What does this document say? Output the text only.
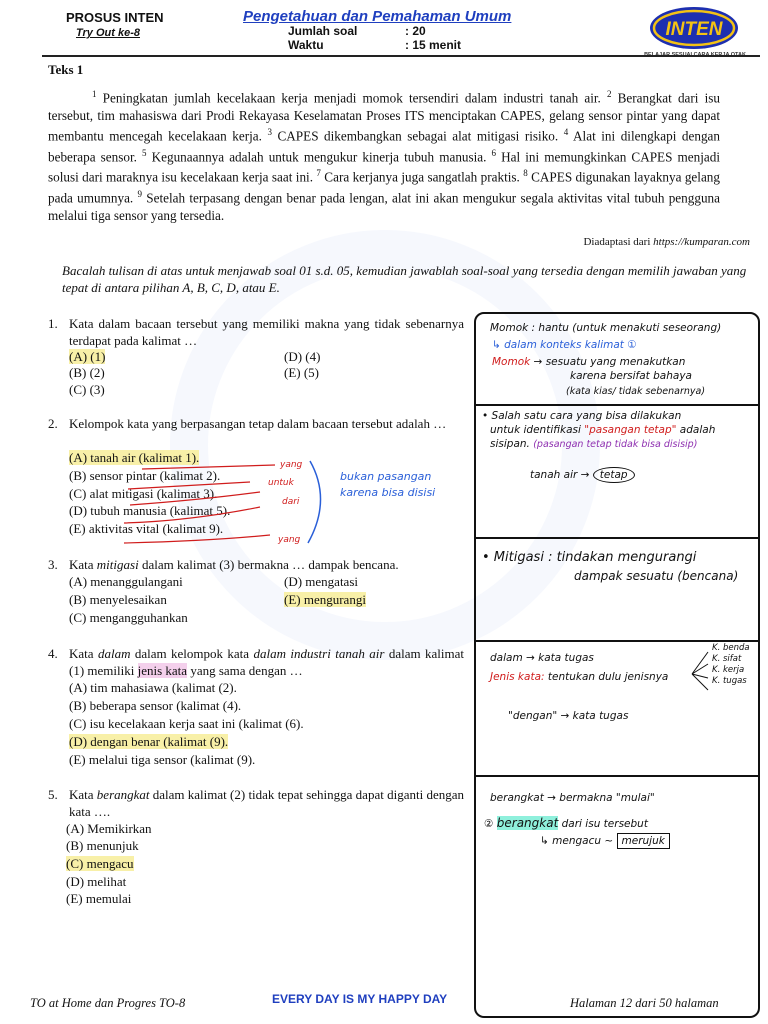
PROSUS INTEN
Try Out ke-8
Pengetahuan dan Pemahaman Umum
Jumlah soal	: 20
Waktu	: 15 menit
INTEN
Teks 1

$^1$ Peningkatan jumlah kecelakaan kerja menjadi momok tersendiri dalam industri tanah air. $^2$ Berangkat dari isu tersebut, tim mahasiswa dari Prodi Rekayasa Keselamatan Proses ITS menciptakan CAPES, gelang sensor pintar yang dapat membantu mencegah kecelakaan kerja. $^3$ CAPES dikembangkan sebagai alat mitigasi risiko. $^4$ Alat ini dilengkapi dengan beberapa sensor. $^5$ Kegunaannya adalah untuk mengukur kinerja tubuh manusia. $^6$ Hal ini memungkinkan CAPES menjadi solusi dari maraknya isu kecelakaan kerja saat ini. $^7$ Cara kerjanya juga sangatlah praktis. $^8$ CAPES digunakan layaknya gelang pada umumnya. $^9$ Setelah terpasang dengan benar pada lengan, alat ini akan mengukur segala aktivitas vital tubuh pengguna melalui tiga sensor yang tersedia.

Diadaptasi dari https://kumparan.com

Bacalah tulisan di atas untuk menjawab soal 01 s.d. 05, kemudian jawablah soal-soal yang tersedia dengan memilih jawaban yang tepat di antara pilihan A, B, C, D, atau E.

1. Kata dalam bacaan tersebut yang memiliki makna yang tidak sebenarnya terdapat pada kalimat …

(A) (1)
(B) (2)
(C) (3)
(D) (4)
(E) (5)
2. Kelompok kata yang berpasangan tetap dalam bacaan tersebut adalah …

(A) tanah air (kalimat 1).
(B) sensor pintar (kalimat 2).
(C) alat mitigasi (kalimat 3).
(D) tubuh manusia (kalimat 5).
(E) aktivitas vital (kalimat 9).
yang
untuk
dari
yang
bukan pasangan
karena bisa disisi
3. Kata mitigasi dalam kalimat (3) bermakna … dampak bencana.

(A) menanggulangani
(B) menyelesaikan
(C) mengangguhankan
(D) mengatasi
(E) mengurangi
4. Kata dalam dalam kelompok kata dalam industri tanah air dalam kalimat (1) memiliki jenis kata yang sama dengan …

(A) tim mahasiawa (kalimat (2).
(B) beberapa sensor (kalimat (4).
(C) isu kecelakaan kerja saat ini (kalimat (6).
(D) dengan benar (kalimat (9).
(E) melalui tiga sensor (kalimat (9).
5. Kata berangkat dalam kalimat (2) tidak tepat sehingga dapat diganti dengan kata ….

(A) Memikirkan
(B) menunjuk
(C) mengacu
(D) melihat
(E) memulai
Momok : hantu (untuk menakuti seseorang)
↳ dalam konteks kalimat ①
Momok → sesuatu yang menakutkan
karena bersifat bahaya
(kata kias/ tidak sebenarnya)
• Salah satu cara yang bisa dilakukan
untuk identifikasi "pasangan tetap" adalah
sisipan. (pasangan tetap tidak bisa disisip)
tanah air → tetap
• Mitigasi : tindakan mengurangi
dampak sesuatu (bencana)
dalam → kata tugas
Jenis kata: tentukan dulu jenisnya
K. benda
K. sifat
K. kerja
K. tugas
"dengan" → kata tugas
berangkat → bermakna "mulai"
② berangkat dari isu tersebut
↳ mengacu ~ merujuk
TO at Home dan Progres TO-8	EVERY DAY IS MY HAPPY DAY	Halaman 12 dari 50 halaman
